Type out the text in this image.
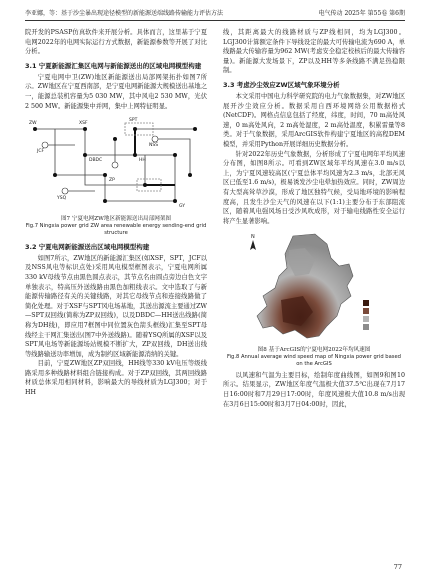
李亚娜，等：基于沙尘暴出现途径模型的新能源送端线路传输能力评估方法	电气传动 2025年 第55卷 第6期

院开发的PSASP仿真软件来开展分析。具体而言，这里基于宁夏电网2022年的电网实际运行方式数据，新能源参数等开展了对比分析。

3.1 宁夏新能源汇集区电网与新能源送出的区域电网模型构建

宁夏电网中卫(ZW)地区新能源送出局部网架拓扑如图7所示。ZW地区在宁夏西南部，是宁夏电网新能源大规模送出基地之一，能源总装机容量为5 030 MW，其中风电2 530 MW，光伏2 500 MW。新能源集中并网，集中上网特征明显。

ZW	XSF
SPT
JCF
NSS
DBDC	HH
YSQ
ZP
GY
图7 宁夏电网ZW地区新能源送出局部网架图
Fig.7 Ningxia power grid ZW area renewable energy sending-end grid structure
3.2 宁夏电网新能源送出区域电网模型构建

如图7所示，ZW地区的新能源汇集区(如XSF，SPT，JCF以及NSS风电等标识点处)采用风电模型框图表示，宁夏电网所属330 kV母线节点由黑色圆点表示，其节点名由圆点旁边白色文字单独表示，特高压外送线路由黑色加粗线表示。文中选取了与新能源传输路径有关的关键线路，对其它母线节点和连接线路做了简化处理。对于XSF与SPT风电场基地，其送出源流主要通过ZW—SPT双回线(简称为ZP双回线)，以及DBDC—HH送出线路(简称为DH线)，即应用7框图中同位置灰色箭头框线)汇集至SPT母线经主干网汇集送出(图7中外送线路)。随着YSQ所属的XSF以及SPT风电场等新能源场站规模不断扩大，ZP双回线，DH送出线等线路输送功率增加，成为制约区域新能源消纳的关键。

目前，宁夏ZW地区ZP双回线，HH线等330 kV电压等级线路采用多种线路材料组合链接构成。对于ZP双回线，其两回线路材质总体采用相同材料，影响最大的导线材质为LGJ300；对于HH

线，其距离最大的线路材质与ZP线相同，均为LGJ300。LGJ300计算额定条件下导线设定的最大可传输电流为690 A，单线路最大传输容量为962 MW(考虑安全稳定校核后的最大传输容量)。新能源大发场景下，ZP以及HH等多条线路不满足热稳限制。

3.3 考虑沙尘效应ZW区域气象环境分析

本文采用中国电力科学研究院的电力气象数据集，对ZW地区展开沙尘效应分析。数据采用自西环境网络公用数据格式(NetCDF)。网格点信息包括了经度，纬度，时间，70 m高处风速，0 m高处风向，2 m高处湿度，2 m高处温度，积累雷量等8类。对于气象数据，采用ArcGIS软件构建宁夏地区的高程DEM模型，并采用Python开展详细历史数据分析。

针对2022年历史气象数据，分析形成了宁夏电网年平均风速分布图，如图8所示。可看到ZW区域年平均风速在3.0 m/s以上，为宁夏风速较高区(宁夏总体平均风速为2.3 m/s，北部无风区已低至1.6 m/s)，极易诱发沙尘电晕加热效应。同时，ZW周边有大型高耸草沙漠，形成了地区独特气候，受局地环境的影响程度高，且发生沙尘天气的风速在以下(1:1)主要分布于东部阻流区，随着风电强风场日受沙风吹成形，对于输电线路性安全运行将产生显著影响。

N
图8 基于ArcGIS的宁夏电网2022年均风速图
Fig.8 Annual average wind speed map of Ningxia power grid based on the ArcGIS

以风速和气温为主要目标，绘制年度曲线图，如图9和图10所示。结果显示，ZW地区年度气温极大值37.5℃出现在7月17日16:00时和7月29日17:00时，年度风速极大值10.8 m/s出现在3月6日15:00时和3月7日04:00时，因此，

77
